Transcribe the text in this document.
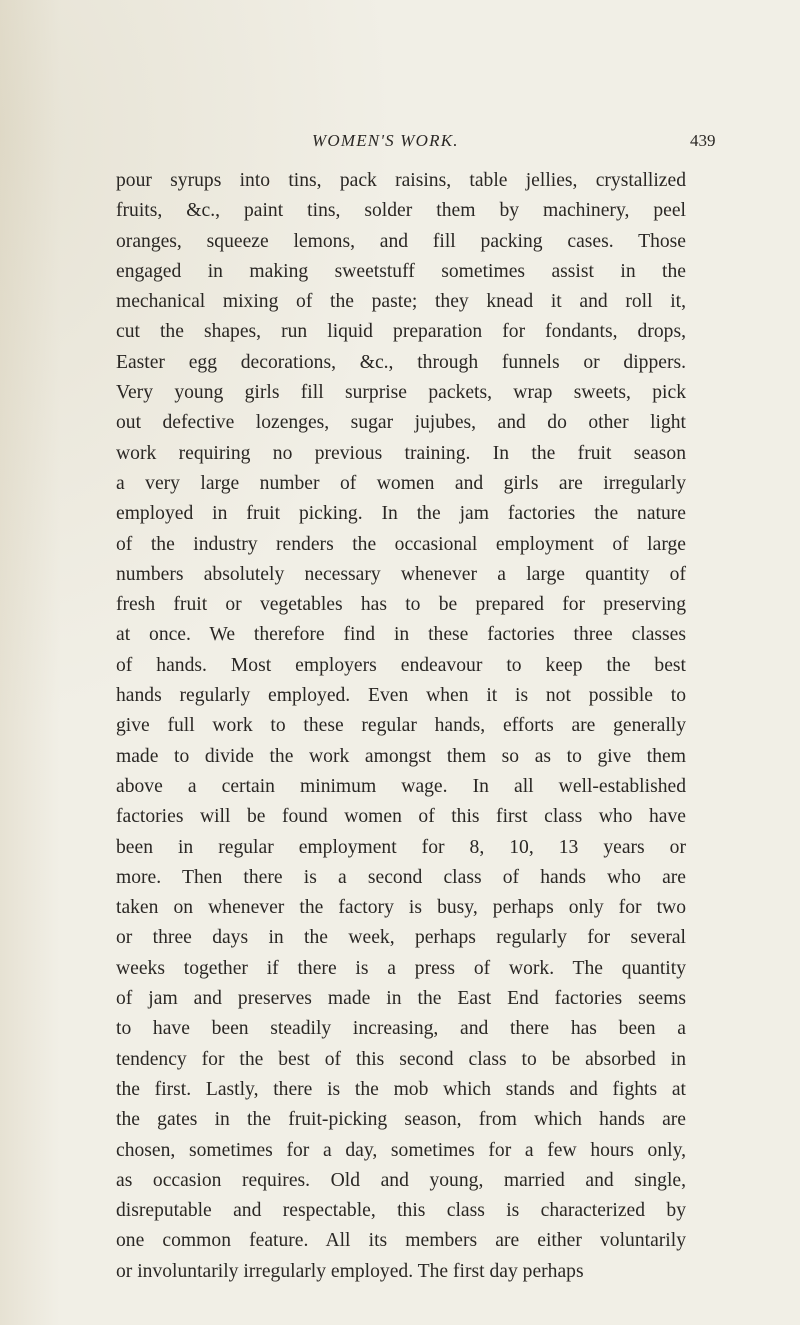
WOMEN'S WORK.	439
pour syrups into tins, pack raisins, table jellies, crystallized
fruits, &c., paint tins, solder them by machinery, peel
oranges, squeeze lemons, and fill packing cases. Those
engaged in making sweetstuff sometimes assist in the
mechanical mixing of the paste; they knead it and roll it,
cut the shapes, run liquid preparation for fondants, drops,
Easter egg decorations, &c., through funnels or dippers.
Very young girls fill surprise packets, wrap sweets, pick
out defective lozenges, sugar jujubes, and do other light
work requiring no previous training. In the fruit season
a very large number of women and girls are irregularly
employed in fruit picking. In the jam factories the nature
of the industry renders the occasional employment of large
numbers absolutely necessary whenever a large quantity of
fresh fruit or vegetables has to be prepared for preserving
at once. We therefore find in these factories three classes
of hands. Most employers endeavour to keep the best
hands regularly employed. Even when it is not possible to
give full work to these regular hands, efforts are generally
made to divide the work amongst them so as to give them
above a certain minimum wage. In all well-established
factories will be found women of this first class who have
been in regular employment for 8, 10, 13 years or
more. Then there is a second class of hands who are
taken on whenever the factory is busy, perhaps only for two
or three days in the week, perhaps regularly for several
weeks together if there is a press of work. The quantity
of jam and preserves made in the East End factories seems
to have been steadily increasing, and there has been a
tendency for the best of this second class to be absorbed in
the first. Lastly, there is the mob which stands and fights at
the gates in the fruit-picking season, from which hands are
chosen, sometimes for a day, sometimes for a few hours only,
as occasion requires. Old and young, married and single,
disreputable and respectable, this class is characterized by
one common feature. All its members are either voluntarily
or involuntarily irregularly employed. The first day perhaps
